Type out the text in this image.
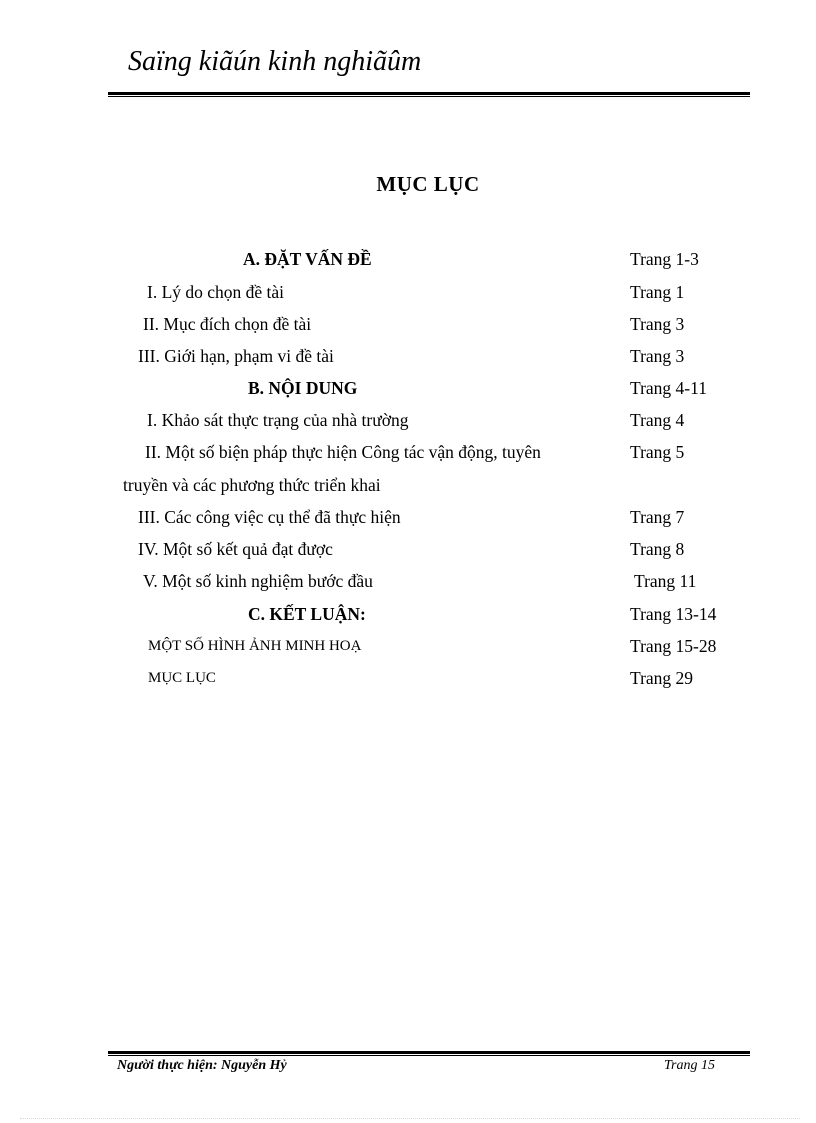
Saïng kiãún kinh nghiãûm
MỤC LỤC
A. ĐẶT VẤN ĐỀ	Trang 1-3
I. Lý do chọn đề tài	Trang 1
II. Mục đích chọn đề tài	Trang 3
III. Giới hạn, phạm vi đề tài	Trang 3
B. NỘI DUNG	Trang 4-11
I. Khảo sát thực trạng của nhà trường	Trang 4
II. Một số biện pháp thực hiện Công tác vận động, tuyên	Trang 5
truyền và các phương thức triển khai
III. Các công việc cụ thể đã thực hiện	Trang 7
IV. Một số kết quả đạt được	Trang 8
V. Một số kinh nghiệm bước đầu	Trang 11
C. KẾT LUẬN:	Trang 13-14
MỘT SỐ HÌNH ẢNH MINH HOẠ	Trang 15-28
MỤC LỤC	Trang 29
Người thực hiện: Nguyễn Hỷ	Trang 15
